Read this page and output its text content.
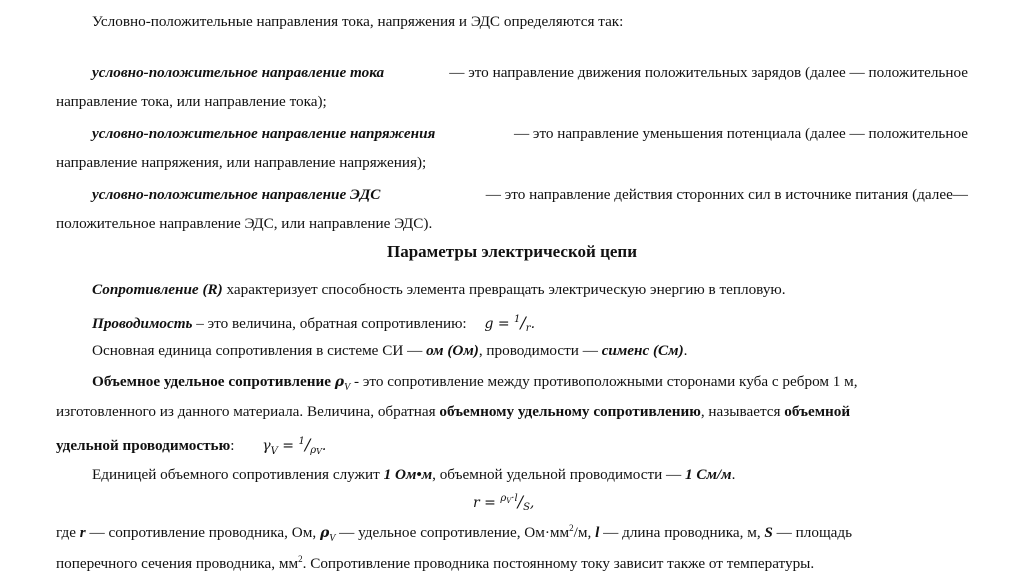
Условно-положительные направления тока, напряжения и ЭДС определяются так:
условно-положительное направление тока	— это направление движения положительных зарядов (далее — положительное
направление тока, или направление тока);
условно-положительное направление напряжения	— это направление уменьшения потенциала (далее — положительное
направление напряжения, или направление напряжения);
условно-положительное направление ЭДС	— это направление действия сторонних сил в источнике питания (далее—
положительное направление ЭДС, или направление ЭДС).
Параметры электрической цепи
Сопротивление (R) характеризует способность элемента превращать электрическую энергию в тепловую.
Проводимость – это величина, обратная сопротивлению: $g = ^1/_r$.
Основная единица сопротивления в системе СИ — ом (Ом), проводимости — сименс (См).
Объемное удельное сопротивление $\rho_V$ - это сопротивление между противоположными сторонами куба с ребром 1 м,
изготовленного из данного материала. Величина, обратная объемному удельному сопротивлению, называется объемной
удельной проводимостью: $\gamma_V = ^1/_{\rho V}$.
Единицей объемного сопротивления служит 1 Ом•м, объемной удельной проводимости — 1 См/м.
$r = ^\rho_V^{\cdot l}/_S$,
где r — сопротивление проводника, Ом, $\rho_V$ — удельное сопротивление, $Ом\cdot мм^2/м$, l — длина проводника, м, S — площадь
поперечного сечения проводника, $мм^2$. Сопротивление проводника постоянному току зависит также от температуры.
